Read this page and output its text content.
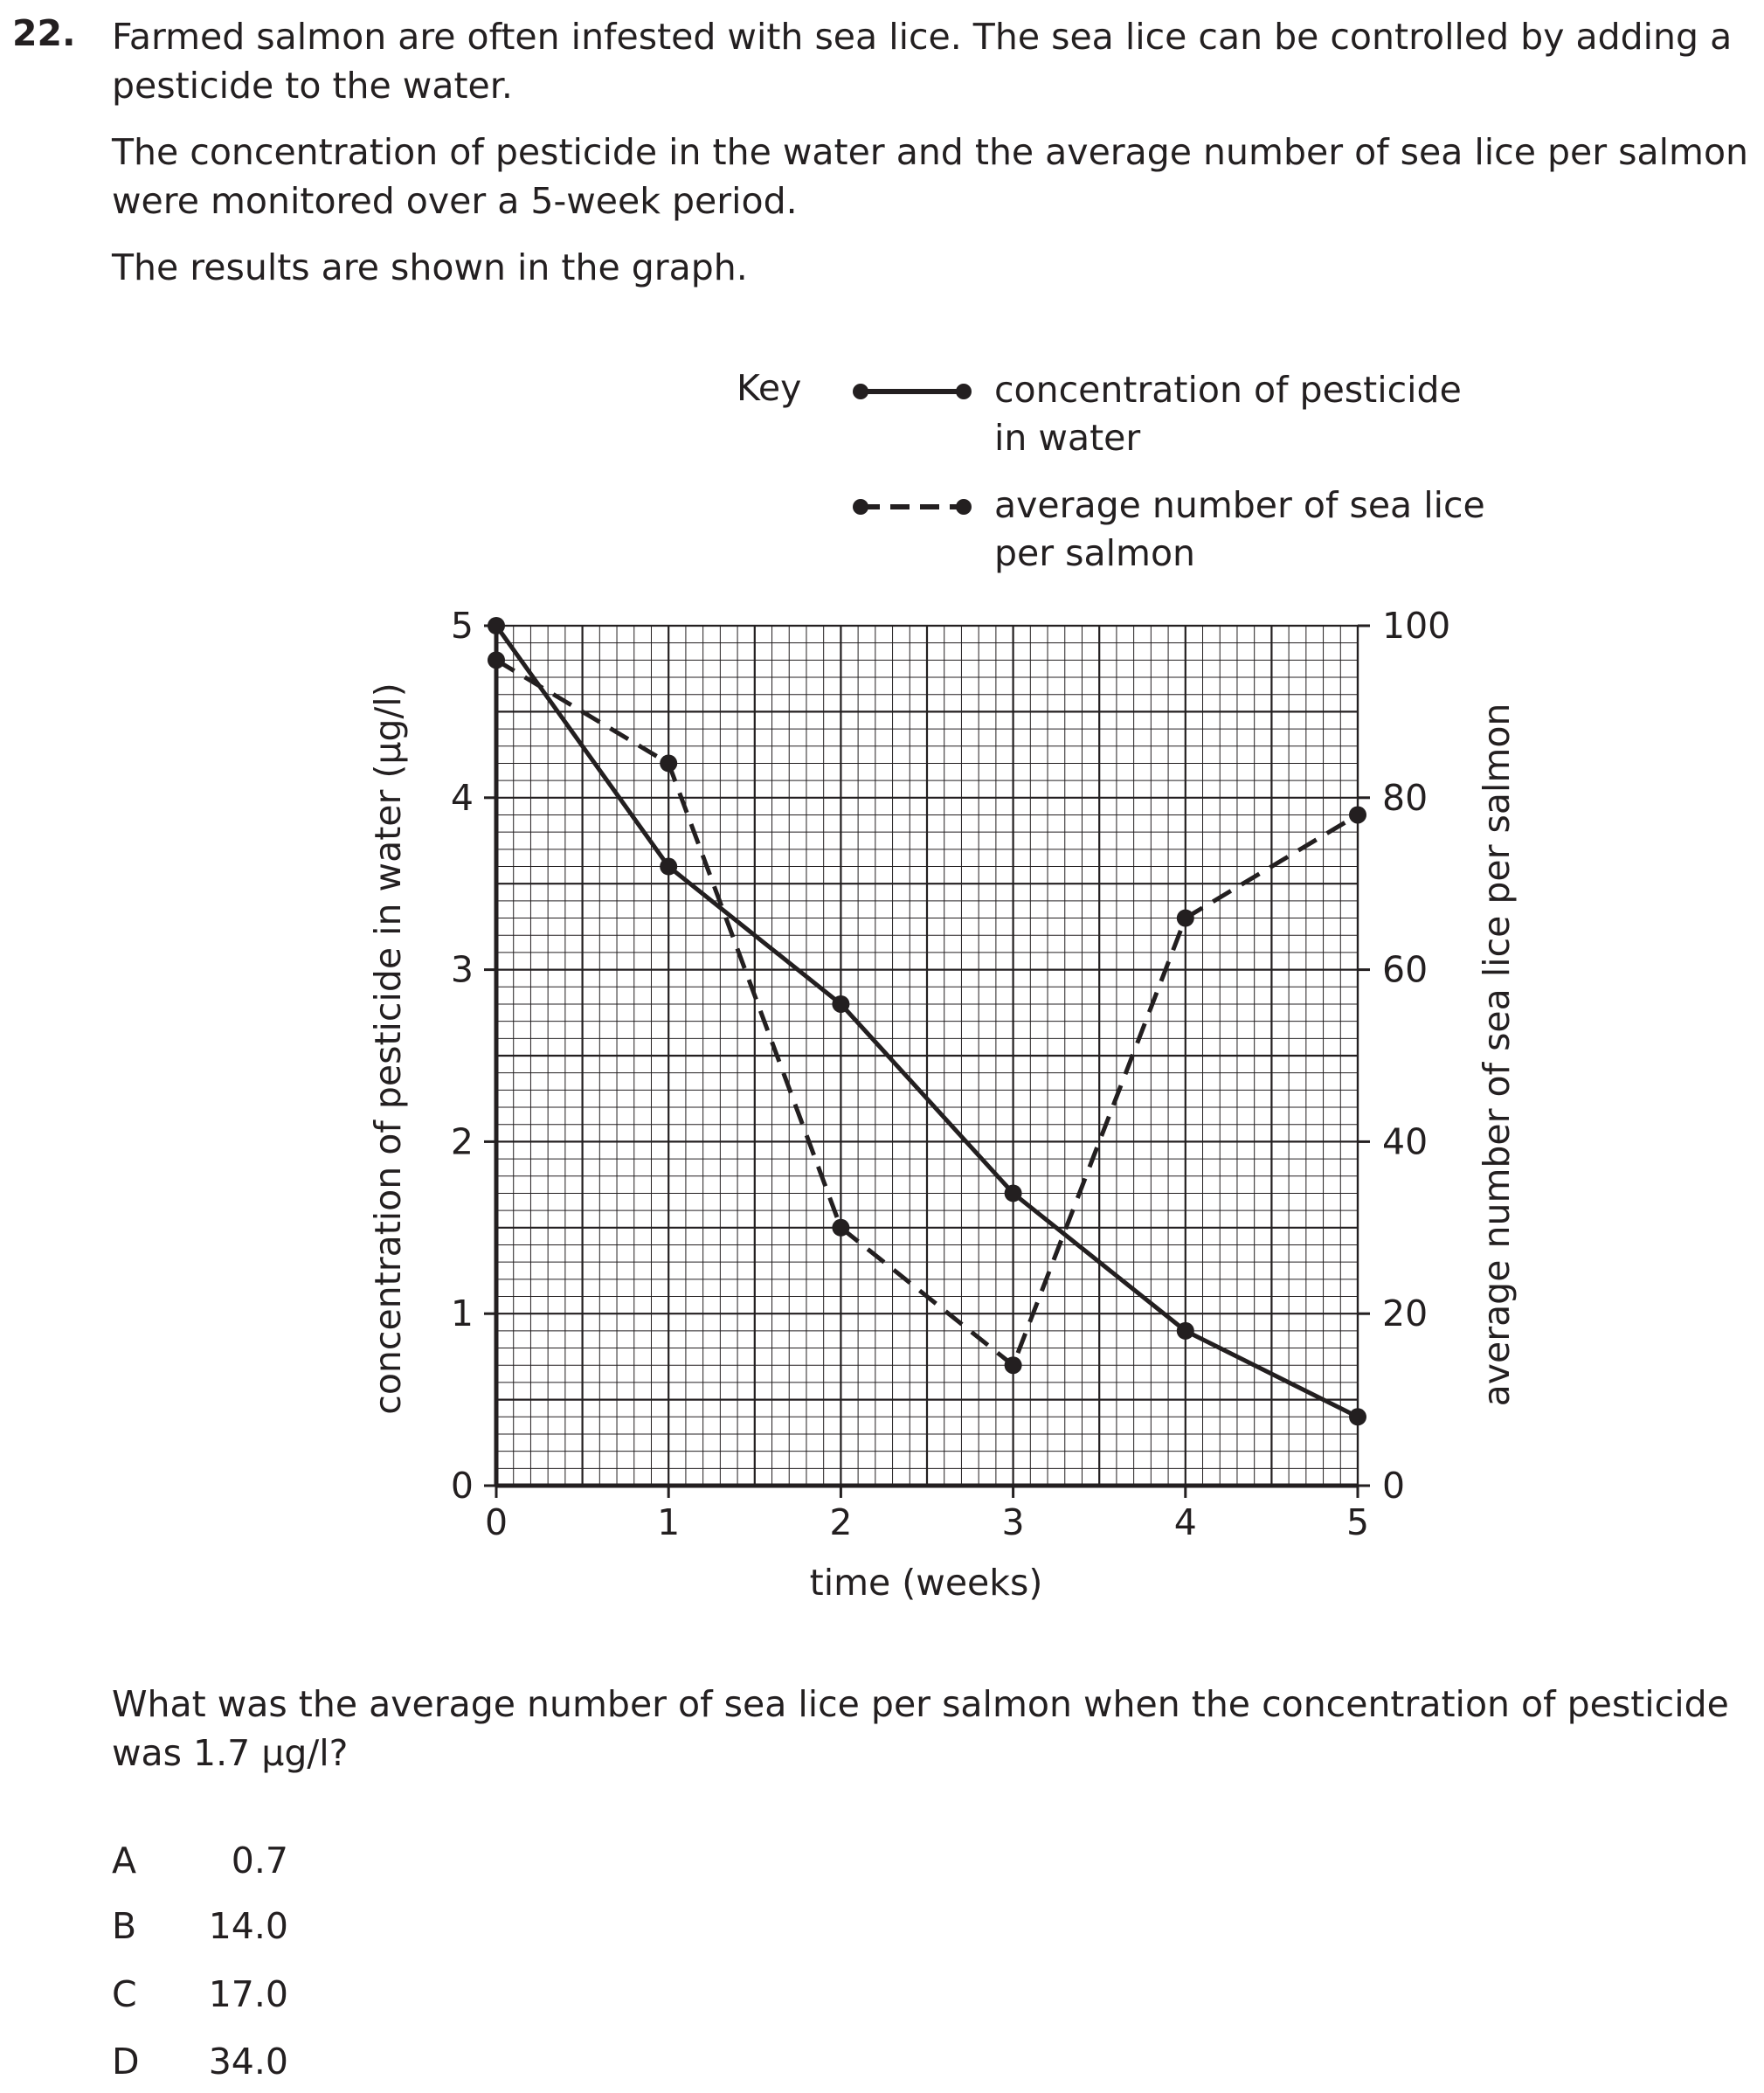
22. Farmed salmon are often infested with sea lice. The sea lice can be controlled by adding a pesticide to the water.

The concentration of pesticide in the water and the average number of sea lice per salmon were monitored over a 5-week period.

The results are shown in the graph.

0	1	2	3	4	5
0
1
2
3
4
5
0
20
40
60
80
100
time (weeks)
concentration of pesticide in water (µg/l)	average number of sea lice per salmon
Key	concentration of pesticide
in water
average number of sea lice
per salmon

What was the average number of sea lice per salmon when the concentration of pesticide was 1.7 µg/l?

A	0.7
B 14.0
C 17.0
D 34.0
